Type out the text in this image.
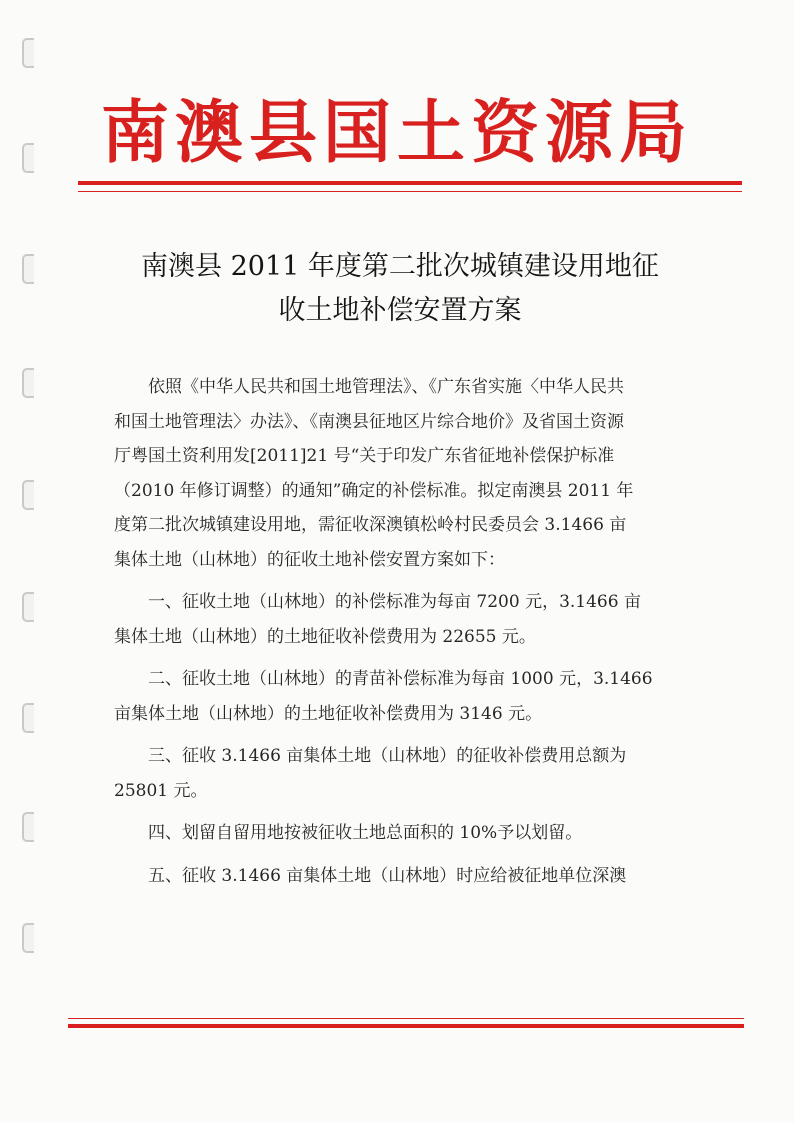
南澳县国土资源局
南澳县 2011 年度第二批次城镇建设用地征
收土地补偿安置方案

依照《中华人民共和国土地管理法》、《广东省实施〈中华人民共
和国土地管理法〉办法》、《南澳县征地区片综合地价》及省国土资源
厅粤国土资利用发[2011]21 号“关于印发广东省征地补偿保护标准
（2010 年修订调整）的通知”确定的补偿标准。拟定南澳县 2011 年
度第二批次城镇建设用地，需征收深澳镇松岭村民委员会 3.1466 亩
集体土地（山林地）的征收土地补偿安置方案如下：

一、征收土地（山林地）的补偿标准为每亩 7200 元，3.1466 亩
集体土地（山林地）的土地征收补偿费用为 22655 元。

二、征收土地（山林地）的青苗补偿标准为每亩 1000 元，3.1466
亩集体土地（山林地）的土地征收补偿费用为 3146 元。

三、征收 3.1466 亩集体土地（山林地）的征收补偿费用总额为
25801 元。

四、划留自留用地按被征收土地总面积的 10%予以划留。

五、征收 3.1466 亩集体土地（山林地）时应给被征地单位深澳
